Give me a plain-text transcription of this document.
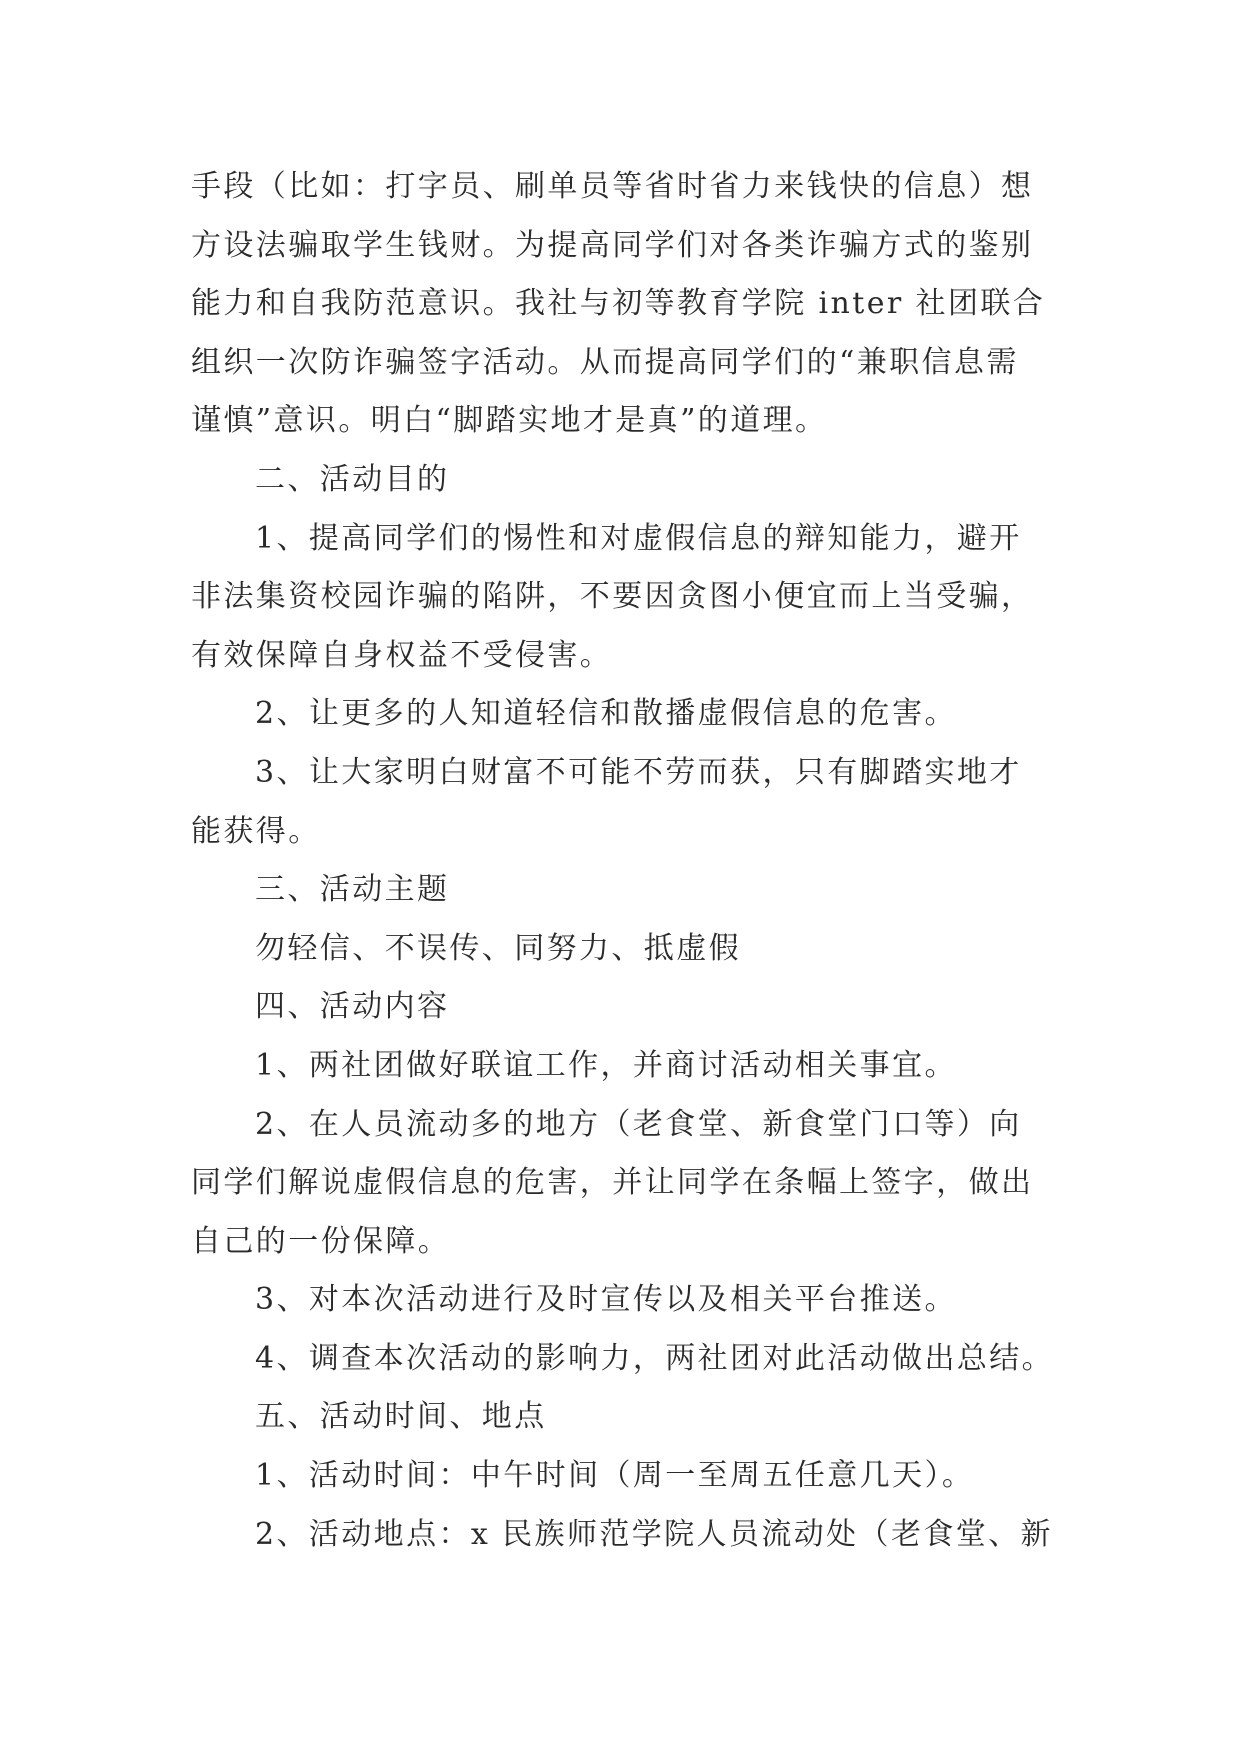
手段（比如：打字员、刷单员等省时省力来钱快的信息）想
方设法骗取学生钱财。为提高同学们对各类诈骗方式的鉴别
能力和自我防范意识。我社与初等教育学院 inter 社团联合
组织一次防诈骗签字活动。从而提高同学们的“兼职信息需
谨慎”意识。明白“脚踏实地才是真”的道理。
二、活动目的
1、提高同学们的惕性和对虚假信息的辩知能力，避开
非法集资校园诈骗的陷阱，不要因贪图小便宜而上当受骗，
有效保障自身权益不受侵害。
2、让更多的人知道轻信和散播虚假信息的危害。
3、让大家明白财富不可能不劳而获，只有脚踏实地才
能获得。
三、活动主题
勿轻信、不误传、同努力、抵虚假
四、活动内容
1、两社团做好联谊工作，并商讨活动相关事宜。
2、在人员流动多的地方（老食堂、新食堂门口等）向
同学们解说虚假信息的危害，并让同学在条幅上签字，做出
自己的一份保障。
3、对本次活动进行及时宣传以及相关平台推送。
4、调查本次活动的影响力，两社团对此活动做出总结。
五、活动时间、地点
1、活动时间：中午时间（周一至周五任意几天）。
2、活动地点：x 民族师范学院人员流动处（老食堂、新
